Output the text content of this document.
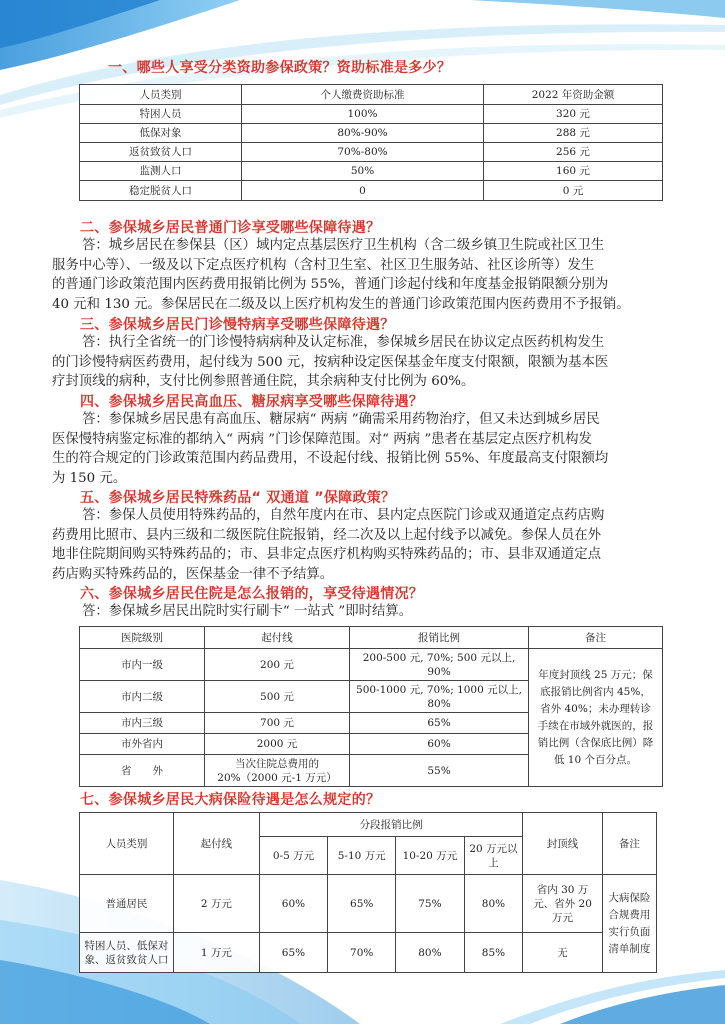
一、哪些人享受分类资助参保政策？资助标准是多少？
人员类别	个人缴费资助标准	2022 年资助金额
特困人员	100%	320 元
低保对象	80%-90%	288 元
返贫致贫人口	70%-80%	256 元
监测人口	50%	160 元
稳定脱贫人口	0	0 元
二、参保城乡居民普通门诊享受哪些保障待遇？
答：城乡居民在参保县（区）域内定点基层医疗卫生机构（含二级乡镇卫生院或社区卫生
服务中心等）、一级及以下定点医疗机构（含村卫生室、社区卫生服务站、社区诊所等）发生
的普通门诊政策范围内医药费用报销比例为 55%，普通门诊起付线和年度基金报销限额分别为
40 元和 130 元。参保居民在二级及以上医疗机构发生的普通门诊政策范围内医药费用不予报销。
三、参保城乡居民门诊慢特病享受哪些保障待遇？
答：执行全省统一的门诊慢特病病种及认定标准，参保城乡居民在协议定点医药机构发生
的门诊慢特病医药费用，起付线为 500 元，按病种设定医保基金年度支付限额，限额为基本医
疗封顶线的病种，支付比例参照普通住院，其余病种支付比例为 60%。
四、参保城乡居民高血压、糖尿病享受哪些保障待遇？
答：参保城乡居民患有高血压、糖尿病“ 两病 ”确需采用药物治疗，但又未达到城乡居民
医保慢特病鉴定标准的都纳入“ 两病 ”门诊保障范围。对“ 两病 ”患者在基层定点医疗机构发
生的符合规定的门诊政策范围内药品费用，不设起付线、报销比例 55%、年度最高支付限额均
为 150 元。
五、参保城乡居民特殊药品“ 双通道 ”保障政策？
答：参保人员使用特殊药品的，自然年度内在市、县内定点医院门诊或双通道定点药店购
药费用比照市、县内三级和二级医院住院报销，经二次及以上起付线予以减免。参保人员在外
地非住院期间购买特殊药品的；市、县非定点医疗机构购买特殊药品的；市、县非双通道定点
药店购买特殊药品的，医保基金一律不予结算。
六、参保城乡居民住院是怎么报销的，享受待遇情况？
答：参保城乡居民出院时实行刷卡“ 一站式 ”即时结算。
医院级别	起付线	报销比例	备注
市内一级	200 元	200-500 元, 70%; 500 元以上, 90%	年度封顶线 25 万元；保底报销比例省内 45%，省外 40%；未办理转诊手续在市域外就医的，报销比例（含保底比例）降低 10 个百分点。
市内二级	500 元	500-1000 元, 70%; 1000 元以上, 80%	
市内三级	700 元	65%	
市外省内	2000 元	60%	
省　　外	当次住院总费用的 20%（2000 元-1 万元）	55%	
七、参保城乡居民大病保险待遇是怎么规定的？
人员类别	起付线	分段报销比例				封顶线	备注
		0-5 万元	5-10 万元	10-20 万元	20 万元以上		
普通居民	2 万元	60%	65%	75%	80%	省内 30 万元、省外 20 万元	大病保险合规费用实行负面清单制度
特困人员、低保对象、返贫致贫人口	1 万元	65%	70%	80%	85%	无	
